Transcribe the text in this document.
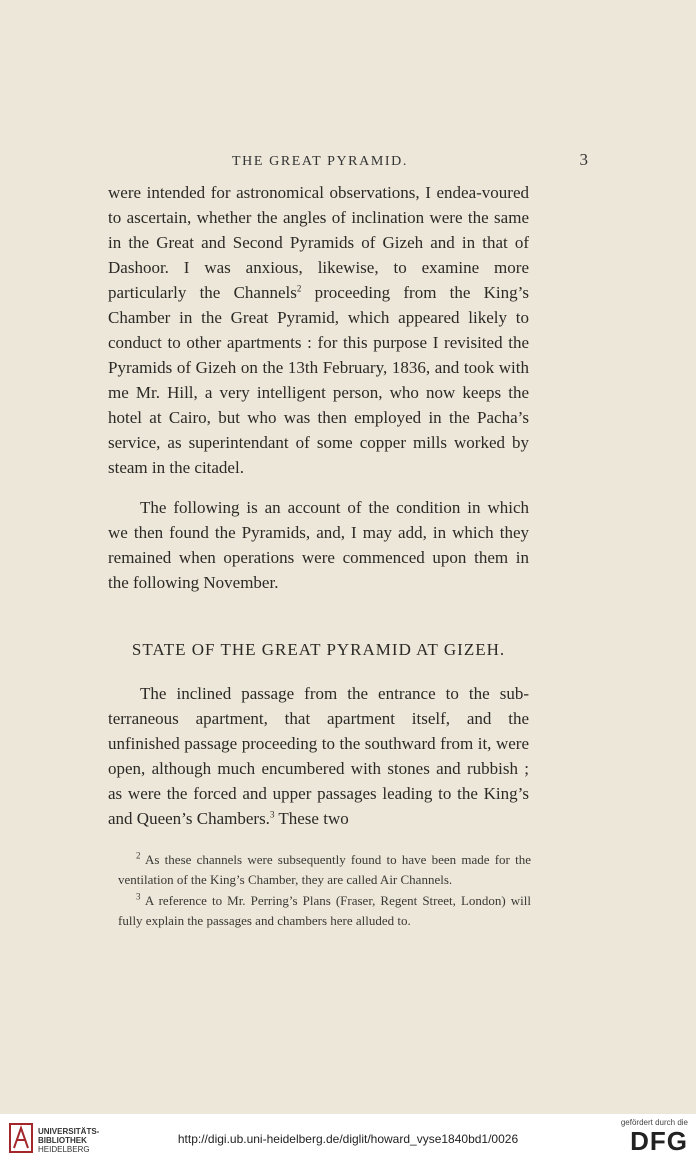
THE GREAT PYRAMID.	3

were intended for astronomical observations, I endea-voured to ascertain, whether the angles of inclination were the same in the Great and Second Pyramids of Gizeh and in that of Dashoor. I was anxious, likewise, to examine more particularly the Channels$^2$ proceeding from the King’s Chamber in the Great Pyramid, which appeared likely to conduct to other apartments : for this purpose I revisited the Pyramids of Gizeh on the 13th February, 1836, and took with me Mr. Hill, a very intelligent person, who now keeps the hotel at Cairo, but who was then employed in the Pacha’s service, as superintendant of some copper mills worked by steam in the citadel.

The following is an account of the condition in which we then found the Pyramids, and, I may add, in which they remained when operations were commenced upon them in the following November.

STATE OF THE GREAT PYRAMID AT GIZEH.

The inclined passage from the entrance to the sub-terraneous apartment, that apartment itself, and the unfinished passage proceeding to the southward from it, were open, although much encumbered with stones and rubbish ; as were the forced and upper passages leading to the King’s and Queen’s Chambers.$^3$ These two

$^2$ As these channels were subsequently found to have been made for the ventilation of the King’s Chamber, they are called Air Channels.

$^3$ A reference to Mr. Perring’s Plans (Fraser, Regent Street, London) will fully explain the passages and chambers here alluded to.

UNIVERSITÄTS-
BIBLIOTHEK
HEIDELBERG
http://digi.ub.uni-heidelberg.de/diglit/howard_vyse1840bd1/0026
gefördert durch die
DFG
